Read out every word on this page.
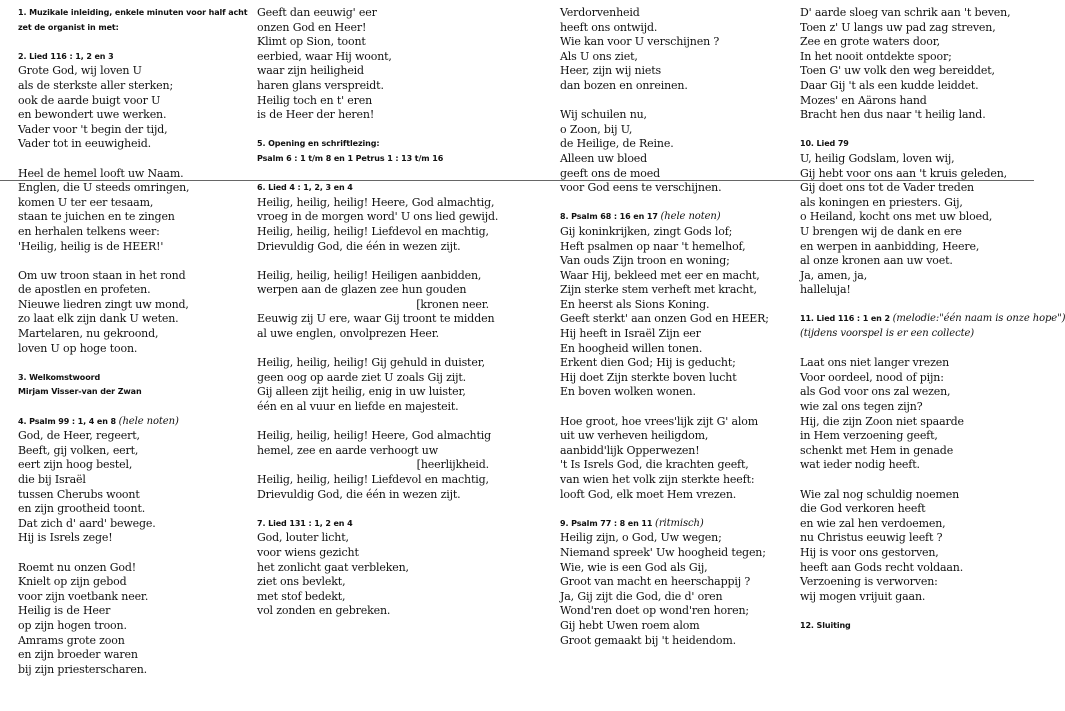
1. Muzikale inleiding, enkele minuten voor half acht
zet de organist in met:
2. Lied 116 : 1, 2 en 3
Grote God, wij loven U
als de sterkste aller sterken;
ook de aarde buigt voor U
en bewondert uwe werken.
Vader voor 't begin der tijd,
Vader tot in eeuwigheid.
Heel de hemel looft uw Naam.
Englen, die U steeds omringen,
komen U ter eer tesaam,
staan te juichen en te zingen
en herhalen telkens weer:
'Heilig, heilig is de HEER!'
Om uw troon staan in het rond
de apostlen en profeten.
Nieuwe liedren zingt uw mond,
zo laat elk zijn dank U weten.
Martelaren, nu gekroond,
loven U op hoge toon.
3. Welkomstwoord
Mirjam Visser-van der Zwan
4. Psalm 99 : 1, 4 en 8 (hele noten)
God, de Heer, regeert,
Beeft, gij volken, eert,
eert zijn hoog bestel,
die bij Israël
tussen Cherubs woont
en zijn grootheid toont.
Dat zich d' aard' bewege.
Hij is Isrels zege!
Roemt nu onzen God!
Knielt op zijn gebod
voor zijn voetbank neer.
Heilig is de Heer
op zijn hogen troon.
Amrams grote zoon
en zijn broeder waren
bij zijn priesterscharen.
Geeft dan eeuwig' eer
onzen God en Heer!
Klimt op Sion, toont
eerbied, waar Hij woont,
waar zijn heiligheid
haren glans verspreidt.
Heilig toch en t' eren
is de Heer der heren!
5. Opening en schriftlezing:
Psalm 6 : 1 t/m 8 en 1 Petrus 1 : 13 t/m 16
6. Lied 4 : 1, 2, 3 en 4
Heilig, heilig, heilig! Heere, God almachtig,
vroeg in de morgen word' U ons lied gewijd.
Heilig, heilig, heilig! Liefdevol en machtig,
Drievuldig God, die één in wezen zijt.
Heilig, heilig, heilig! Heiligen aanbidden,
werpen aan de glazen zee hun gouden
[kronen neer.
Eeuwig zij U ere, waar Gij troont te midden
al uwe englen, onvolprezen Heer.
Heilig, heilig, heilig! Gij gehuld in duister,
geen oog op aarde ziet U zoals Gij zijt.
Gij alleen zijt heilig, enig in uw luister,
één en al vuur en liefde en majesteit.
Heilig, heilig, heilig! Heere, God almachtig
hemel, zee en aarde verhoogt uw
[heerlijkheid.
Heilig, heilig, heilig! Liefdevol en machtig,
Drievuldig God, die één in wezen zijt.
7. Lied 131 : 1, 2 en 4
God, louter licht,
voor wiens gezicht
het zonlicht gaat verbleken,
ziet ons bevlekt,
met stof bedekt,
vol zonden en gebreken.
Verdorvenheid
heeft ons ontwijd.
Wie kan voor U verschijnen ?
Als U ons ziet,
Heer, zijn wij niets
dan bozen en onreinen.
Wij schuilen nu,
o Zoon, bij U,
de Heilige, de Reine.
Alleen uw bloed
geeft ons de moed
voor God eens te verschijnen.
8. Psalm 68 : 16 en 17 (hele noten)
Gij koninkrijken, zingt Gods lof;
Heft psalmen op naar 't hemelhof,
Van ouds Zijn troon en woning;
Waar Hij, bekleed met eer en macht,
Zijn sterke stem verheft met kracht,
En heerst als Sions Koning.
Geeft sterkt' aan onzen God en HEER;
Hij heeft in Israël Zijn eer
En hoogheid willen tonen.
Erkent dien God; Hij is geducht;
Hij doet Zijn sterkte boven lucht
En boven wolken wonen.
Hoe groot, hoe vrees'lijk zijt G' alom
uit uw verheven heiligdom,
aanbidd'lijk Opperwezen!
't Is Isrels God, die krachten geeft,
van wien het volk zijn sterkte heeft:
looft God, elk moet Hem vrezen.
9. Psalm 77 : 8 en 11 (ritmisch)
Heilig zijn, o God, Uw wegen;
Niemand spreek' Uw hoogheid tegen;
Wie, wie is een God als Gij,
Groot van macht en heerschappij ?
Ja, Gij zijt die God, die d' oren
Wond'ren doet op wond'ren horen;
Gij hebt Uwen roem alom
Groot gemaakt bij 't heidendom.
D' aarde sloeg van schrik aan 't beven,
Toen z' U langs uw pad zag streven,
Zee en grote waters door,
In het nooit ontdekte spoor;
Toen G' uw volk den weg bereiddet,
Daar Gij 't als een kudde leiddet.
Mozes' en Aärons hand
Bracht hen dus naar 't heilig land.
10. Lied 79
U, heilig Godslam, loven wij,
Gij hebt voor ons aan 't kruis geleden,
Gij doet ons tot de Vader treden
als koningen en priesters. Gij,
o Heiland, kocht ons met uw bloed,
U brengen wij de dank en ere
en werpen in aanbidding, Heere,
al onze kronen aan uw voet.
Ja, amen, ja,
halleluja!
11. Lied 116 : 1 en 2 (melodie:"één naam is onze hope")
(tijdens voorspel is er een collecte)
Laat ons niet langer vrezen
Voor oordeel, nood of pijn:
als God voor ons zal wezen,
wie zal ons tegen zijn?
Hij, die zijn Zoon niet spaarde
in Hem verzoening geeft,
schenkt met Hem in genade
wat ieder nodig heeft.
Wie zal nog schuldig noemen
die God verkoren heeft
en wie zal hen verdoemen,
nu Christus eeuwig leeft ?
Hij is voor ons gestorven,
heeft aan Gods recht voldaan.
Verzoening is verworven:
wij mogen vrijuit gaan.
12. Sluiting
